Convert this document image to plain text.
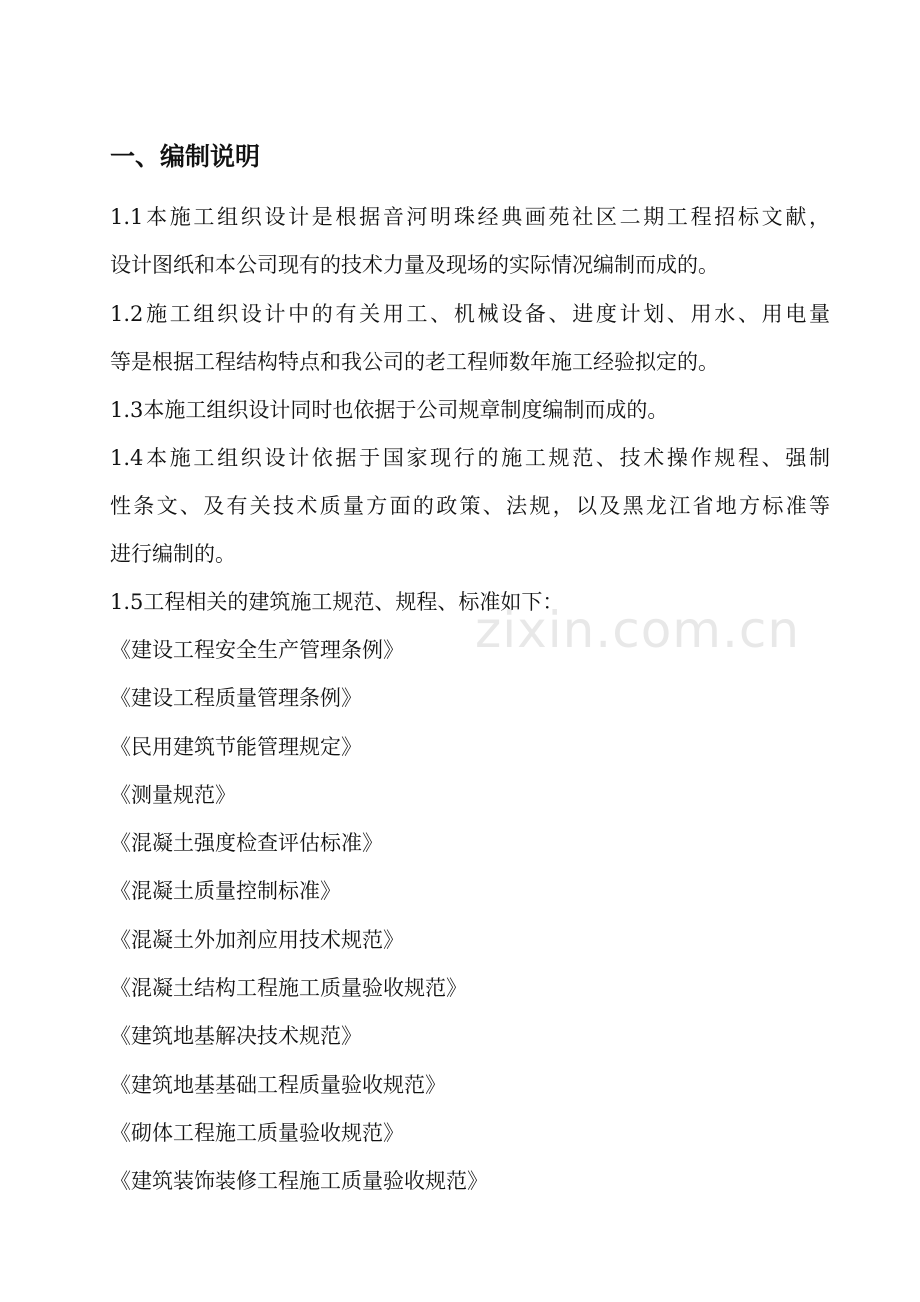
一、编制说明
1.1本施工组织设计是根据音河明珠经典画苑社区二期工程招标文献，
设计图纸和本公司现有的技术力量及现场的实际情况编制而成的。
1.2施工组织设计中的有关用工、机械设备、进度计划、用水、用电量
等是根据工程结构特点和我公司的老工程师数年施工经验拟定的。
1.3本施工组织设计同时也依据于公司规章制度编制而成的。
1.4本施工组织设计依据于国家现行的施工规范、技术操作规程、强制
性条文、及有关技术质量方面的政策、法规，以及黑龙江省地方标准等
进行编制的。
1.5工程相关的建筑施工规范、规程、标准如下：
《建设工程安全生产管理条例》
《建设工程质量管理条例》
《民用建筑节能管理规定》
《测量规范》
《混凝土强度检查评估标准》
《混凝土质量控制标准》
《混凝土外加剂应用技术规范》
《混凝土结构工程施工质量验收规范》
《建筑地基解决技术规范》
《建筑地基基础工程质量验收规范》
《砌体工程施工质量验收规范》
《建筑装饰装修工程施工质量验收规范》
zixin.com.cn
